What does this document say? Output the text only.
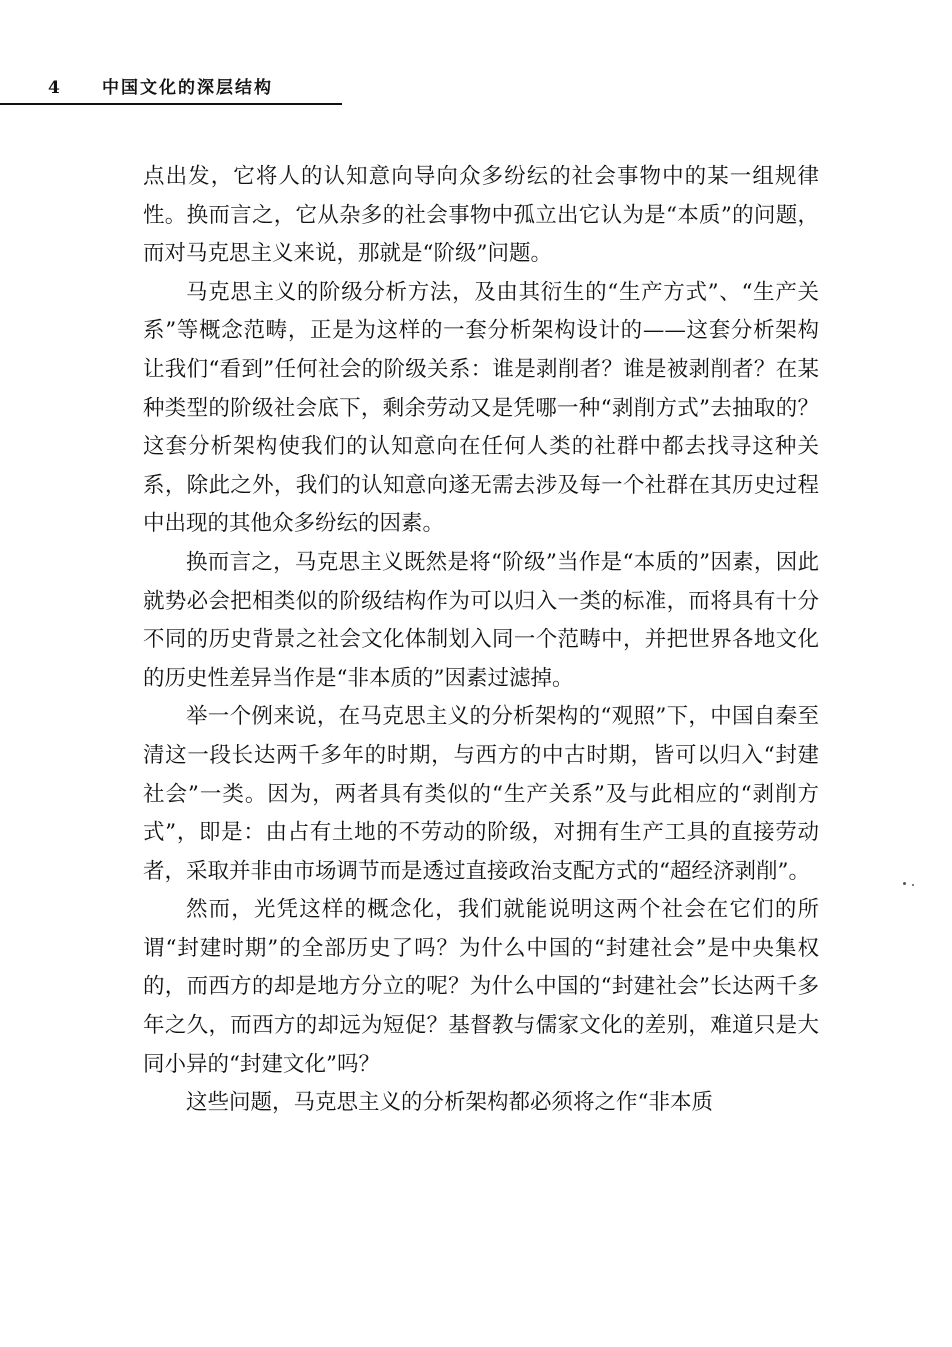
4 中国文化的深层结构

点出发，它将人的认知意向导向众多纷纭的社会事物中的某一组规律性。换而言之，它从杂多的社会事物中孤立出它认为是“本质”的问题，而对马克思主义来说，那就是“阶级”问题。

马克思主义的阶级分析方法，及由其衍生的“生产方式”、“生产关系”等概念范畴，正是为这样的一套分析架构设计的——这套分析架构让我们“看到”任何社会的阶级关系：谁是剥削者？谁是被剥削者？在某种类型的阶级社会底下，剩余劳动又是凭哪一种“剥削方式”去抽取的？这套分析架构使我们的认知意向在任何人类的社群中都去找寻这种关系，除此之外，我们的认知意向遂无需去涉及每一个社群在其历史过程中出现的其他众多纷纭的因素。

换而言之，马克思主义既然是将“阶级”当作是“本质的”因素，因此就势必会把相类似的阶级结构作为可以归入一类的标准，而将具有十分不同的历史背景之社会文化体制划入同一个范畴中，并把世界各地文化的历史性差异当作是“非本质的”因素过滤掉。

举一个例来说，在马克思主义的分析架构的“观照”下，中国自秦至清这一段长达两千多年的时期，与西方的中古时期，皆可以归入“封建社会”一类。因为，两者具有类似的“生产关系”及与此相应的“剥削方式”，即是：由占有土地的不劳动的阶级，对拥有生产工具的直接劳动者，采取并非由市场调节而是透过直接政治支配方式的“超经济剥削”。

然而，光凭这样的概念化，我们就能说明这两个社会在它们的所谓“封建时期”的全部历史了吗？为什么中国的“封建社会”是中央集权的，而西方的却是地方分立的呢？为什么中国的“封建社会”长达两千多年之久，而西方的却远为短促？基督教与儒家文化的差别，难道只是大同小异的“封建文化”吗？

这些问题，马克思主义的分析架构都必须将之作“非本质
